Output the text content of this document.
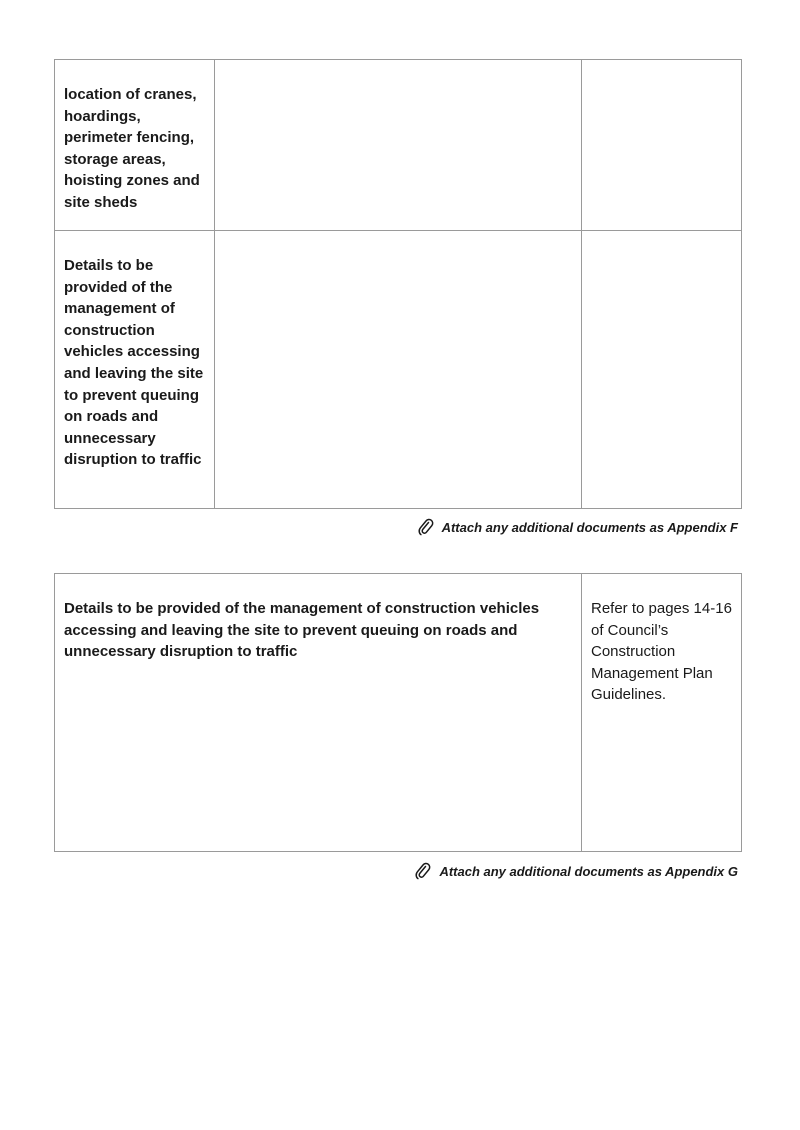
location of cranes, hoardings, perimeter fencing, storage areas, hoisting zones and site sheds		

Details to be provided of the management of construction vehicles accessing and leaving the site to prevent queuing on roads and unnecessary disruption to traffic		

Attach any additional documents as Appendix F
Details to be provided of the management of construction vehicles accessing and leaving the site to prevent queuing on roads and unnecessary disruption to traffic

Refer to pages 14-16 of Council’s Construction Management Plan Guidelines.
Attach any additional documents as Appendix G
